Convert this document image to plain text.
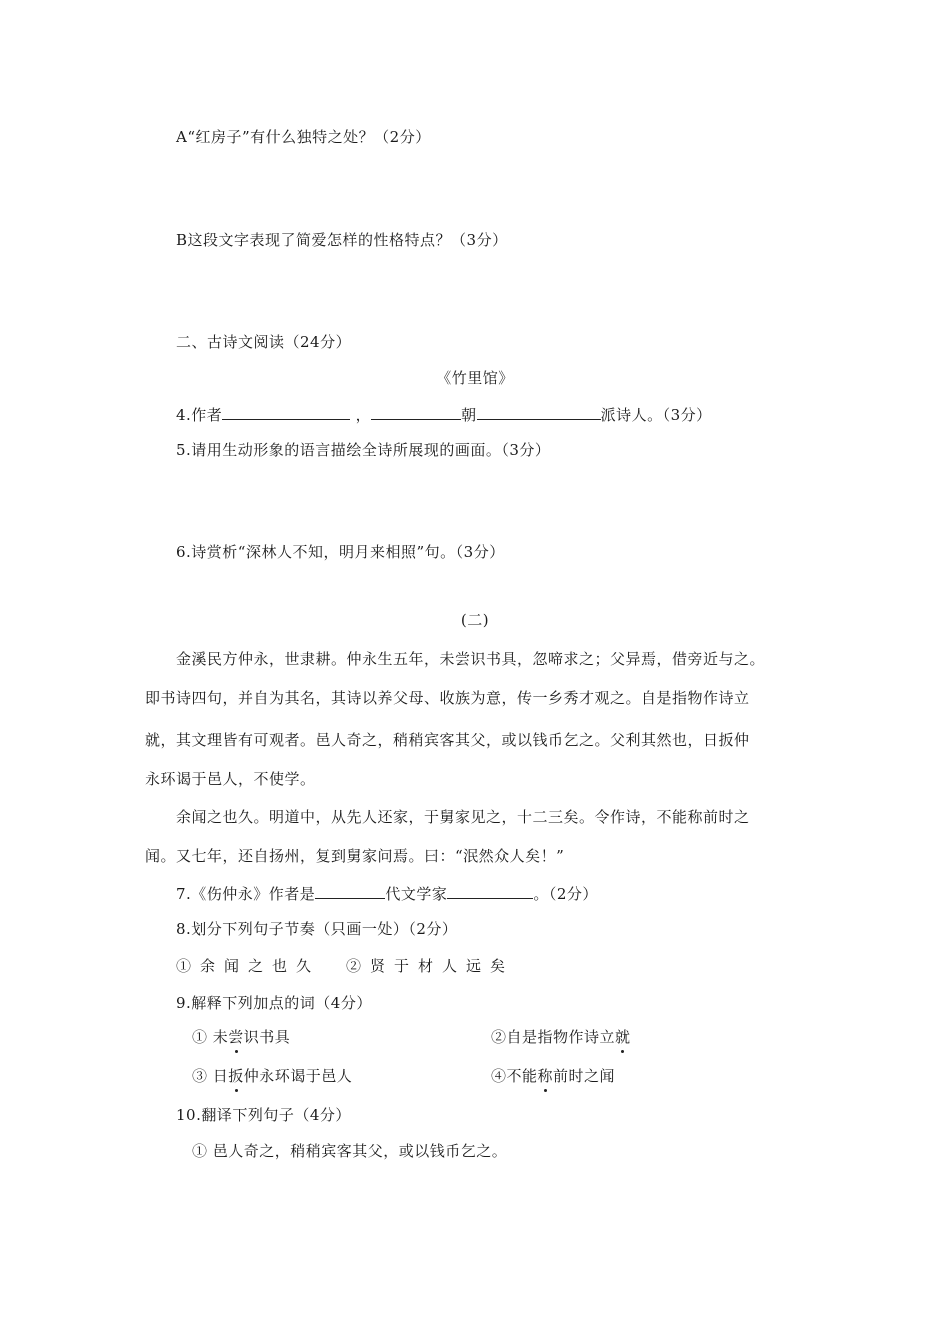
A“红房子”有什么独特之处？（2分）
B这段文字表现了简爱怎样的性格特点？（3分）
二、古诗文阅读（24分）
《竹里馆》
4.作者	，	朝	派诗人。（3分）
5.请用生动形象的语言描绘全诗所展现的画面。（3分）
6.诗赏析“深林人不知，明月来相照”句。（3分）
(二)
金溪民方仲永，世隶耕。仲永生五年，未尝识书具，忽啼求之；父异焉，借旁近与之。
即书诗四句，并自为其名，其诗以养父母、收族为意，传一乡秀才观之。自是指物作诗立
就，其文理皆有可观者。邑人奇之，稍稍宾客其父，或以钱币乞之。父利其然也，日扳仲
永环谒于邑人，不使学。
余闻之也久。明道中，从先人还家，于舅家见之，十二三矣。令作诗，不能称前时之
闻。又七年，还自扬州，复到舅家问焉。曰：“泯然众人矣！”
7.《伤仲永》作者是	代文学家	。（2分）
8.划分下列句子节奏（只画一处）（2分）
①余闻之也久 ②贤于材人远矣
9.解释下列加点的词（4分）
① 未尝识书具	②自是指物作诗立就
③ 日扳仲永环谒于邑人	④不能称前时之闻
10.翻译下列句子（4分）
① 邑人奇之，稍稍宾客其父，或以钱币乞之。
